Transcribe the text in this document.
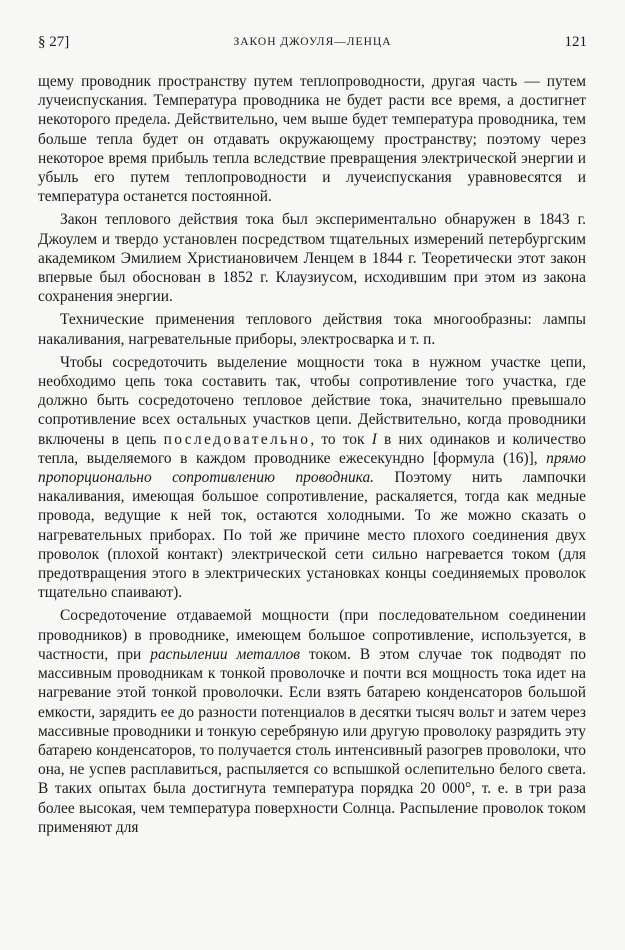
§ 27]	ЗАКОН ДЖОУЛЯ—ЛЕНЦА	121

щему проводник пространству путем теплопроводности, другая часть — путем лучеиспускания. Температура проводника не будет расти все время, а достигнет некоторого предела. Действительно, чем выше будет температура проводника, тем больше тепла будет он отдавать окружающему пространству; поэтому через некоторое время прибыль тепла вследствие превращения электрической энергии и убыль его путем теплопроводности и лучеиспускания уравновесятся и температура останется постоянной.

Закон теплового действия тока был экспериментально обнаружен в 1843 г. Джоулем и твердо установлен посредством тщательных измерений петербургским академиком Эмилием Христиановичем Ленцем в 1844 г. Теоретически этот закон впервые был обоснован в 1852 г. Клаузиусом, исходившим при этом из закона сохранения энергии.

Технические применения теплового действия тока многообразны: лампы накаливания, нагревательные приборы, электросварка и т. п.

Чтобы сосредоточить выделение мощности тока в нужном участке цепи, необходимо цепь тока составить так, чтобы сопротивление того участка, где должно быть сосредоточено тепловое действие тока, значительно превышало сопротивление всех остальных участков цепи. Действительно, когда проводники включены в цепь последовательно, то ток I в них одинаков и количество тепла, выделяемого в каждом проводнике ежесекундно [формула (16)], прямо пропорционально сопротивлению проводника. Поэтому нить лампочки накаливания, имеющая большое сопротивление, раскаляется, тогда как медные провода, ведущие к ней ток, остаются холодными. То же можно сказать о нагревательных приборах. По той же причине место плохого соединения двух проволок (плохой контакт) электрической сети сильно нагревается током (для предотвращения этого в электрических установках концы соединяемых проволок тщательно спаивают).

Сосредоточение отдаваемой мощности (при последовательном соединении проводников) в проводнике, имеющем большое сопротивление, используется, в частности, при распылении металлов током. В этом случае ток подводят по массивным проводникам к тонкой проволочке и почти вся мощность тока идет на нагревание этой тонкой проволочки. Если взять батарею конденсаторов большой емкости, зарядить ее до разности потенциалов в десятки тысяч вольт и затем через массивные проводники и тонкую серебряную или другую проволоку разрядить эту батарею конденсаторов, то получается столь интенсивный разогрев проволоки, что она, не успев расплавиться, распыляется со вспышкой ослепительно белого света. В таких опытах была достигнута температура порядка 20 000°, т. е. в три раза более высокая, чем температура поверхности Солнца. Распыление проволок током применяют для
